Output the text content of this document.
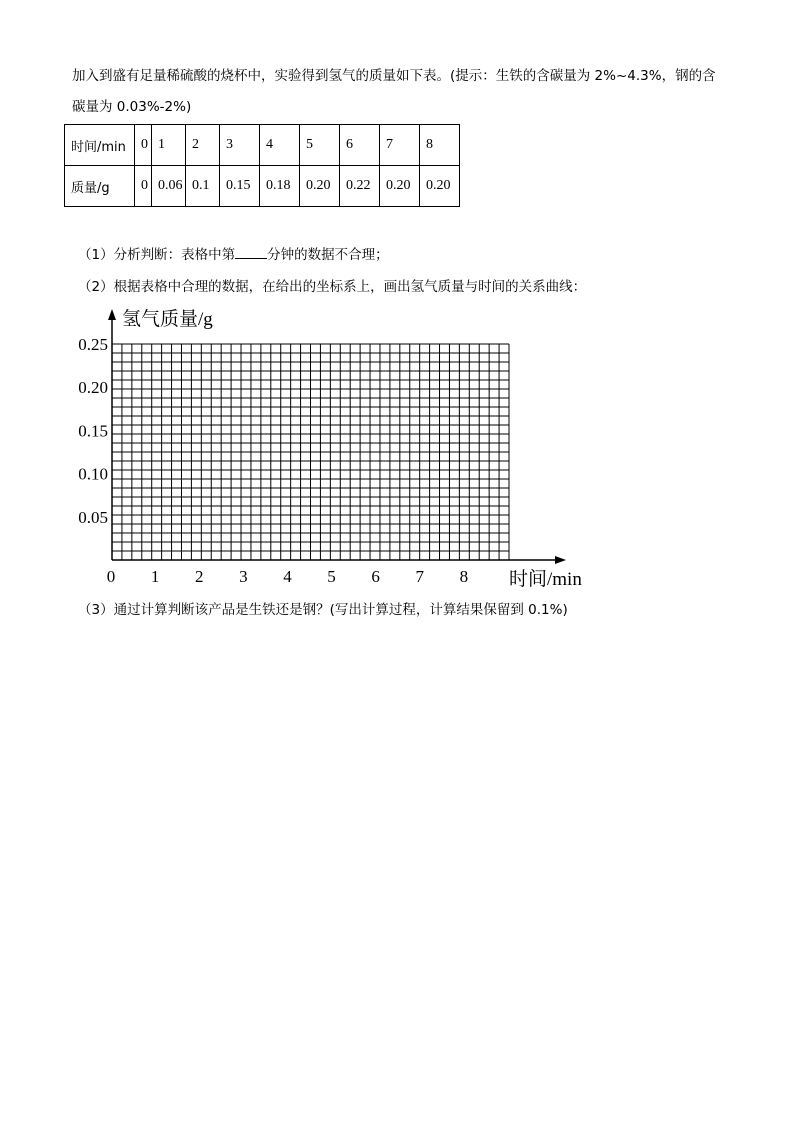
加入到盛有足量稀硫酸的烧杯中，实验得到氢气的质量如下表。(提示：生铁的含碳量为 2%~4.3%，钢的含
碳量为 0.03%-2%)
时间/min	0	1	2	3	4	5	6	7	8
质量/g	0	0.06	0.1	0.15	0.18	0.20	0.22	0.20	0.20
（1）分析判断：表格中第 分钟的数据不合理；
（2）根据表格中合理的数据，在给出的坐标系上，画出氢气质量与时间的关系曲线：
0 1 2 3 4 5 6 7 8
0.05
0.10
0.15
0.20
0.25
氢气质量/g
时间/min
（3）通过计算判断该产品是生铁还是钢？(写出计算过程，计算结果保留到 0.1%)
